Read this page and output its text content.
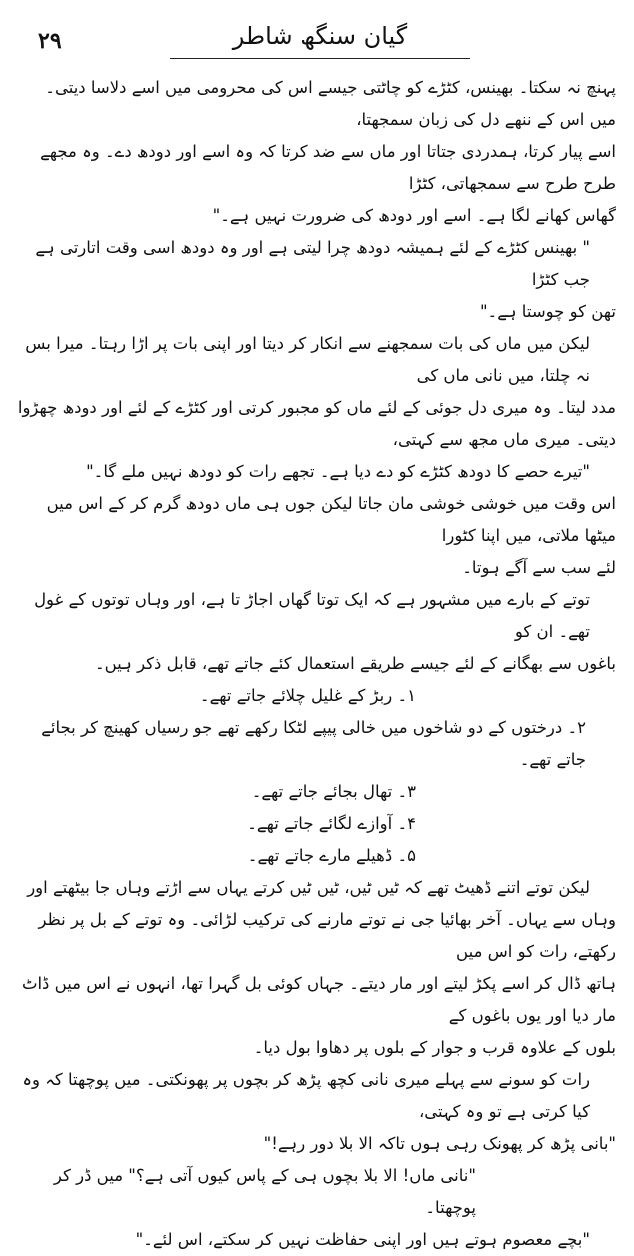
۲۹	گیان سنگھ شاطر

پہنچ نہ سکتا۔ بھینس، کٹڑے کو چاٹتی جیسے اس کی محرومی میں اسے دلاسا دیتی۔ میں اس کے ننھے دل کی زبان سمجھتا،

اسے پیار کرتا، ہمدردی جتاتا اور ماں سے ضد کرتا کہ وہ اسے اور دودھ دے۔ وہ مجھے طرح طرح سے سمجھاتی، کٹڑا

گھاس کھانے لگا ہے۔ اسے اور دودھ کی ضرورت نہیں ہے۔"

" بھینس کٹڑے کے لئے ہمیشہ دودھ چرا لیتی ہے اور وہ دودھ اسی وقت اتارتی ہے جب کٹڑا

تھن کو چوستا ہے۔"

لیکن میں ماں کی بات سمجھنے سے انکار کر دیتا اور اپنی بات پر اڑا رہتا۔ میرا بس نہ چلتا، میں نانی ماں کی

مدد لیتا۔ وہ میری دل جوئی کے لئے ماں کو مجبور کرتی اور کٹڑے کے لئے اور دودھ چھڑوا دیتی۔ میری ماں مجھ سے کہتی،

"تیرے حصے کا دودھ کٹڑے کو دے دیا ہے۔ تجھے رات کو دودھ نہیں ملے گا۔"

اس وقت میں خوشی خوشی مان جاتا لیکن جوں ہی ماں دودھ گرم کر کے اس میں میٹھا ملاتی، میں اپنا کٹورا

لئے سب سے آگے ہوتا۔

توتے کے بارے میں مشہور ہے کہ ایک توتا گھاں اجاڑ تا ہے، اور وہاں توتوں کے غول تھے۔ ان کو

باغوں سے بھگانے کے لئے جیسے طریقے استعمال کئے جاتے تھے، قابل ذکر ہیں۔

۱۔ ربڑ کے غلیل چلائے جاتے تھے۔

۲۔ درختوں کے دو شاخوں میں خالی پیپے لٹکا رکھے تھے جو رسیاں کھینچ کر بجائے جاتے تھے۔

۳۔ تھال بجائے جاتے تھے۔

۴۔ آوازے لگائے جاتے تھے۔

۵۔ ڈھیلے مارے جاتے تھے۔

لیکن توتے اتنے ڈھیٹ تھے کہ ٹیں ٹیں، ٹیں ٹیں کرتے یہاں سے اڑتے وہاں جا بیٹھتے اور

وہاں سے یہاں۔ آخر بھائیا جی نے توتے مارنے کی ترکیب لڑائی۔ وہ توتے کے بل پر نظر رکھتے، رات کو اس میں

ہاتھ ڈال کر اسے پکڑ لیتے اور مار دیتے۔ جہاں کوئی بل گہرا تھا، انہوں نے اس میں ڈاٹ مار دیا اور یوں باغوں کے

بلوں کے علاوہ قرب و جوار کے بلوں پر دھاوا بول دیا۔

رات کو سونے سے پہلے میری نانی کچھ پڑھ کر بچوں پر پھونکتی۔ میں پوچھتا کہ وہ کیا کرتی ہے تو وہ کہتی،

"بانی پڑھ کر پھونک رہی ہوں تاکہ الا بلا دور رہے!"

"نانی ماں! الا بلا بچوں ہی کے پاس کیوں آتی ہے؟" میں ڈر کر پوچھتا۔

"بچے معصوم ہوتے ہیں اور اپنی حفاظت نہیں کر سکتے، اس لئے۔"
